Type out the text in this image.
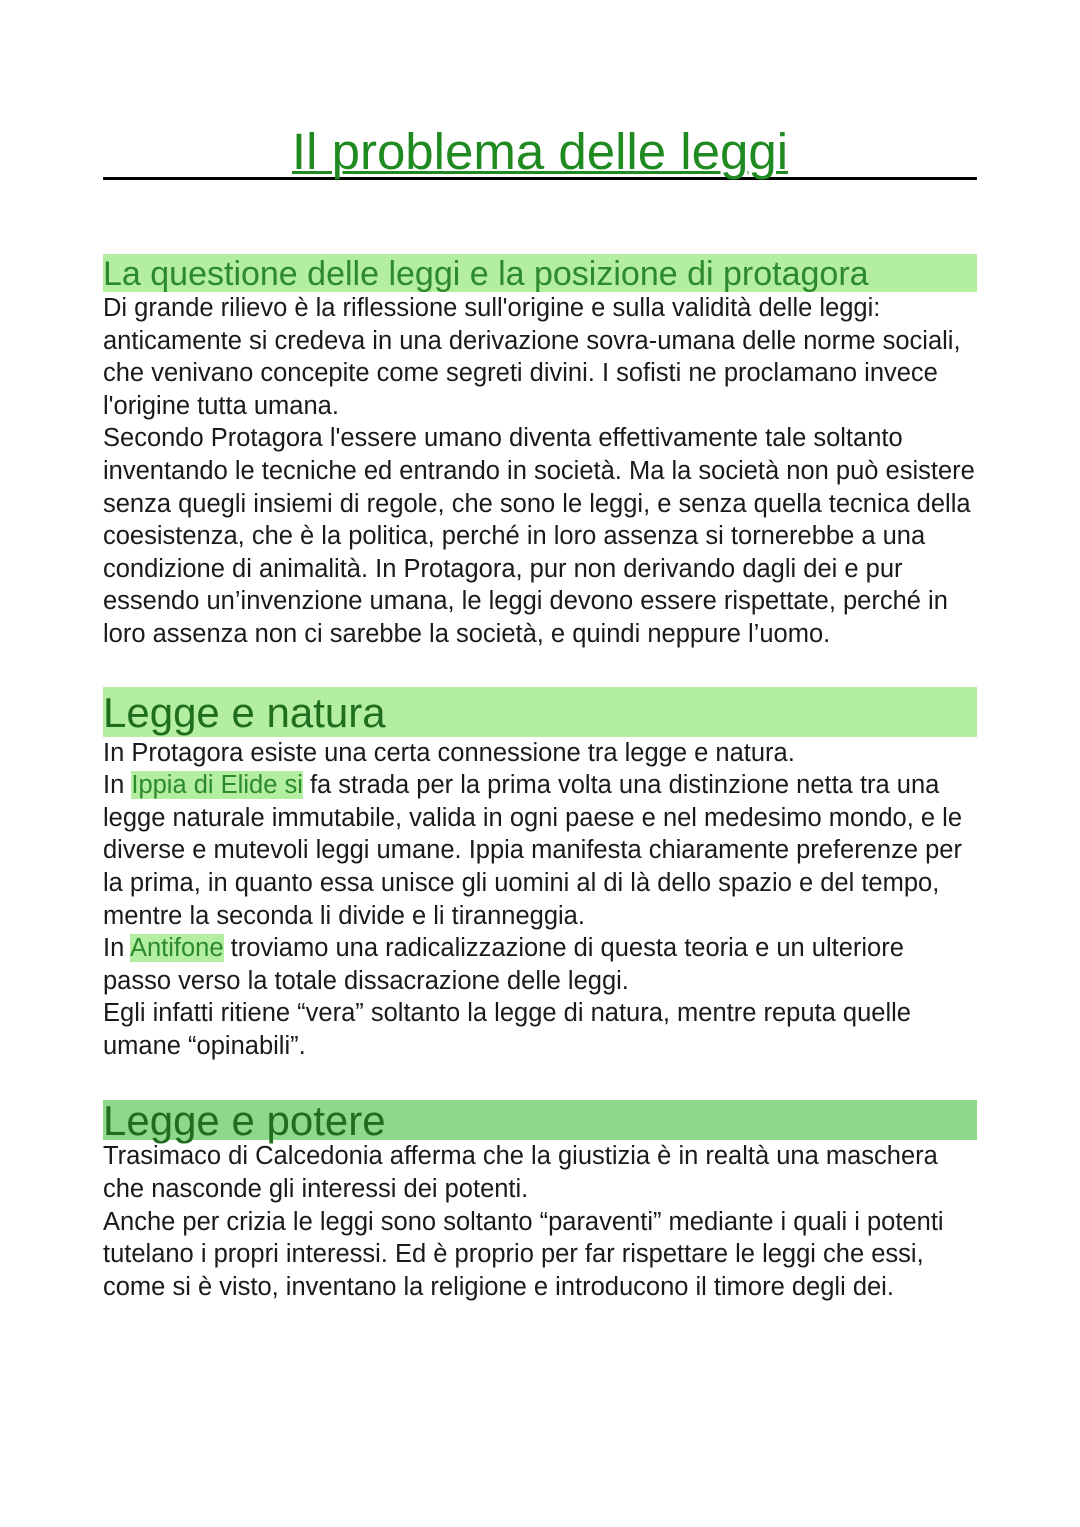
Il problema delle leggi
La questione delle leggi e la posizione di protagora

Di grande rilievo è la riflessione sull'origine e sulla validità delle leggi: anticamente si credeva in una derivazione sovra-umana delle norme sociali, che venivano concepite come segreti divini. I sofisti ne proclamano invece l'origine tutta umana.

Secondo Protagora l'essere umano diventa effettivamente tale soltanto inventando le tecniche ed entrando in società. Ma la società non può esistere senza quegli insiemi di regole, che sono le leggi, e senza quella tecnica della coesistenza, che è la politica, perché in loro assenza si tornerebbe a una condizione di animalità. In Protagora, pur non derivando dagli dei e pur essendo un’invenzione umana, le leggi devono essere rispettate, perché in loro assenza non ci sarebbe la società, e quindi neppure l’uomo.

Legge e natura

In Protagora esiste una certa connessione tra legge e natura.

In Ippia di Elide si fa strada per la prima volta una distinzione netta tra una legge naturale immutabile, valida in ogni paese e nel medesimo mondo, e le diverse e mutevoli leggi umane. Ippia manifesta chiaramente preferenze per la prima, in quanto essa unisce gli uomini al di là dello spazio e del tempo, mentre la seconda li divide e li tiranneggia.

In Antifone troviamo una radicalizzazione di questa teoria e un ulteriore passo verso la totale dissacrazione delle leggi.

Egli infatti ritiene “vera” soltanto la legge di natura, mentre reputa quelle umane “opinabili”.

Legge e potere

Trasimaco di Calcedonia afferma che la giustizia è in realtà una maschera che nasconde gli interessi dei potenti.

Anche per crizia le leggi sono soltanto “paraventi” mediante i quali i potenti tutelano i propri interessi. Ed è proprio per far rispettare le leggi che essi, come si è visto, inventano la religione e introducono il timore degli dei.
